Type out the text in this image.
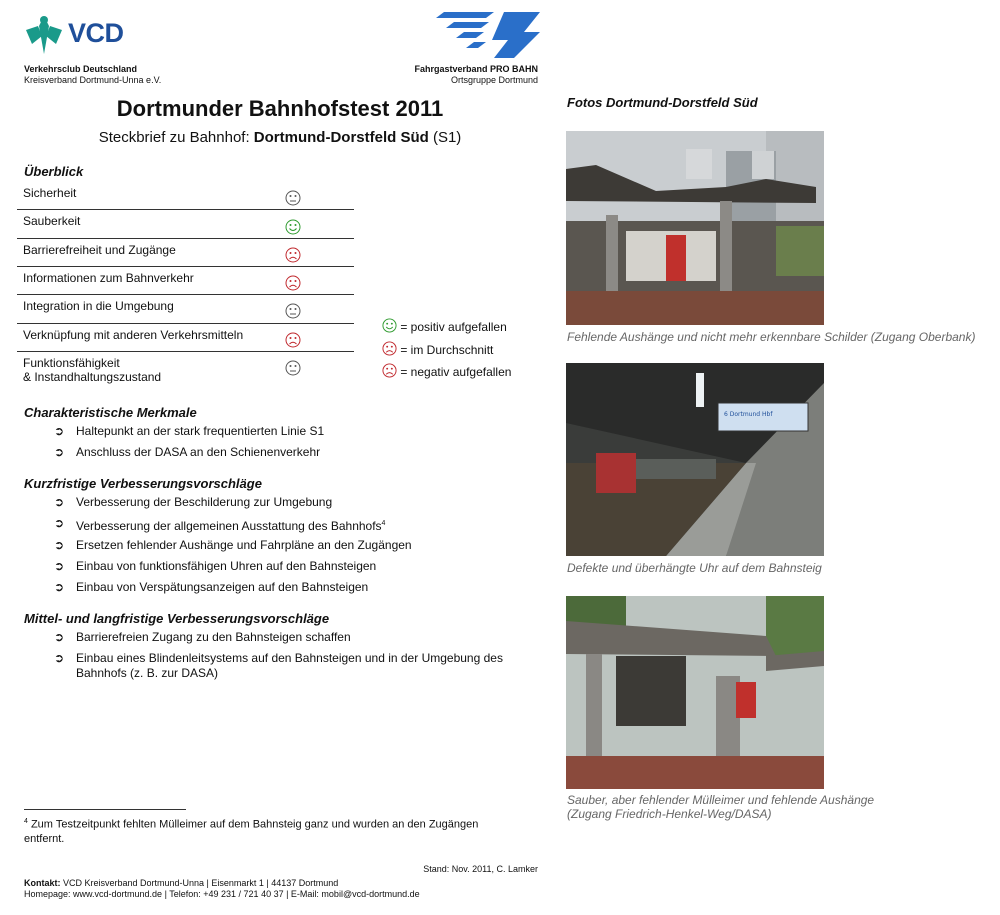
VCD
Verkehrsclub Deutschland
Kreisverband Dortmund-Unna e.V.
Fahrgastverband PRO BAHN
Ortsgruppe Dortmund
Dortmunder Bahnhofstest 2011
Steckbrief zu Bahnhof: Dortmund-Dorstfeld Süd (S1)
Überblick
Sicherheit
Sauberkeit
Barrierefreiheit und Zugänge
Informationen zum Bahnverkehr
Integration in die Umgebung
Verknüpfung mit anderen Verkehrsmitteln
Funktionsfähigkeit
& Instandhaltungszustand
= positiv aufgefallen
= im Durchschnitt
= negativ aufgefallen
Charakteristische Merkmale
➲ Haltepunkt an der stark frequentierten Linie S1
➲ Anschluss der DASA an den Schienenverkehr
Kurzfristige Verbesserungsvorschläge
➲ Verbesserung der Beschilderung zur Umgebung
➲ Verbesserung der allgemeinen Ausstattung des Bahnhofs$^4$
➲ Ersetzen fehlender Aushänge und Fahrpläne an den Zugängen
➲ Einbau von funktionsfähigen Uhren auf den Bahnsteigen
➲ Einbau von Verspätungsanzeigen auf den Bahnsteigen
Mittel- und langfristige Verbesserungsvorschläge
➲ Barrierefreien Zugang zu den Bahnsteigen schaffen
➲ Einbau eines Blindenleitsystems auf den Bahnsteigen und in der Umgebung des Bahnhofs (z. B. zur DASA)
$^4$ Zum Testzeitpunkt fehlten Mülleimer auf dem Bahnsteig ganz und wurden an den Zugängen entfernt.
Stand: Nov. 2011, C. Lamker
Kontakt: VCD Kreisverband Dortmund-Unna | Eisenmarkt 1 | 44137 Dortmund
Homepage: www.vcd-dortmund.de | Telefon: +49 231 / 721 40 37 | E-Mail: mobil@vcd-dortmund.de
Fotos Dortmund-Dorstfeld Süd
Fehlende Aushänge und nicht mehr erkennbare Schilder (Zugang Oberbank)
6 Dortmund Hbf
Defekte und überhängte Uhr auf dem Bahnsteig
Sauber, aber fehlender Mülleimer und fehlende Aushänge
(Zugang Friedrich-Henkel-Weg/DASA)
